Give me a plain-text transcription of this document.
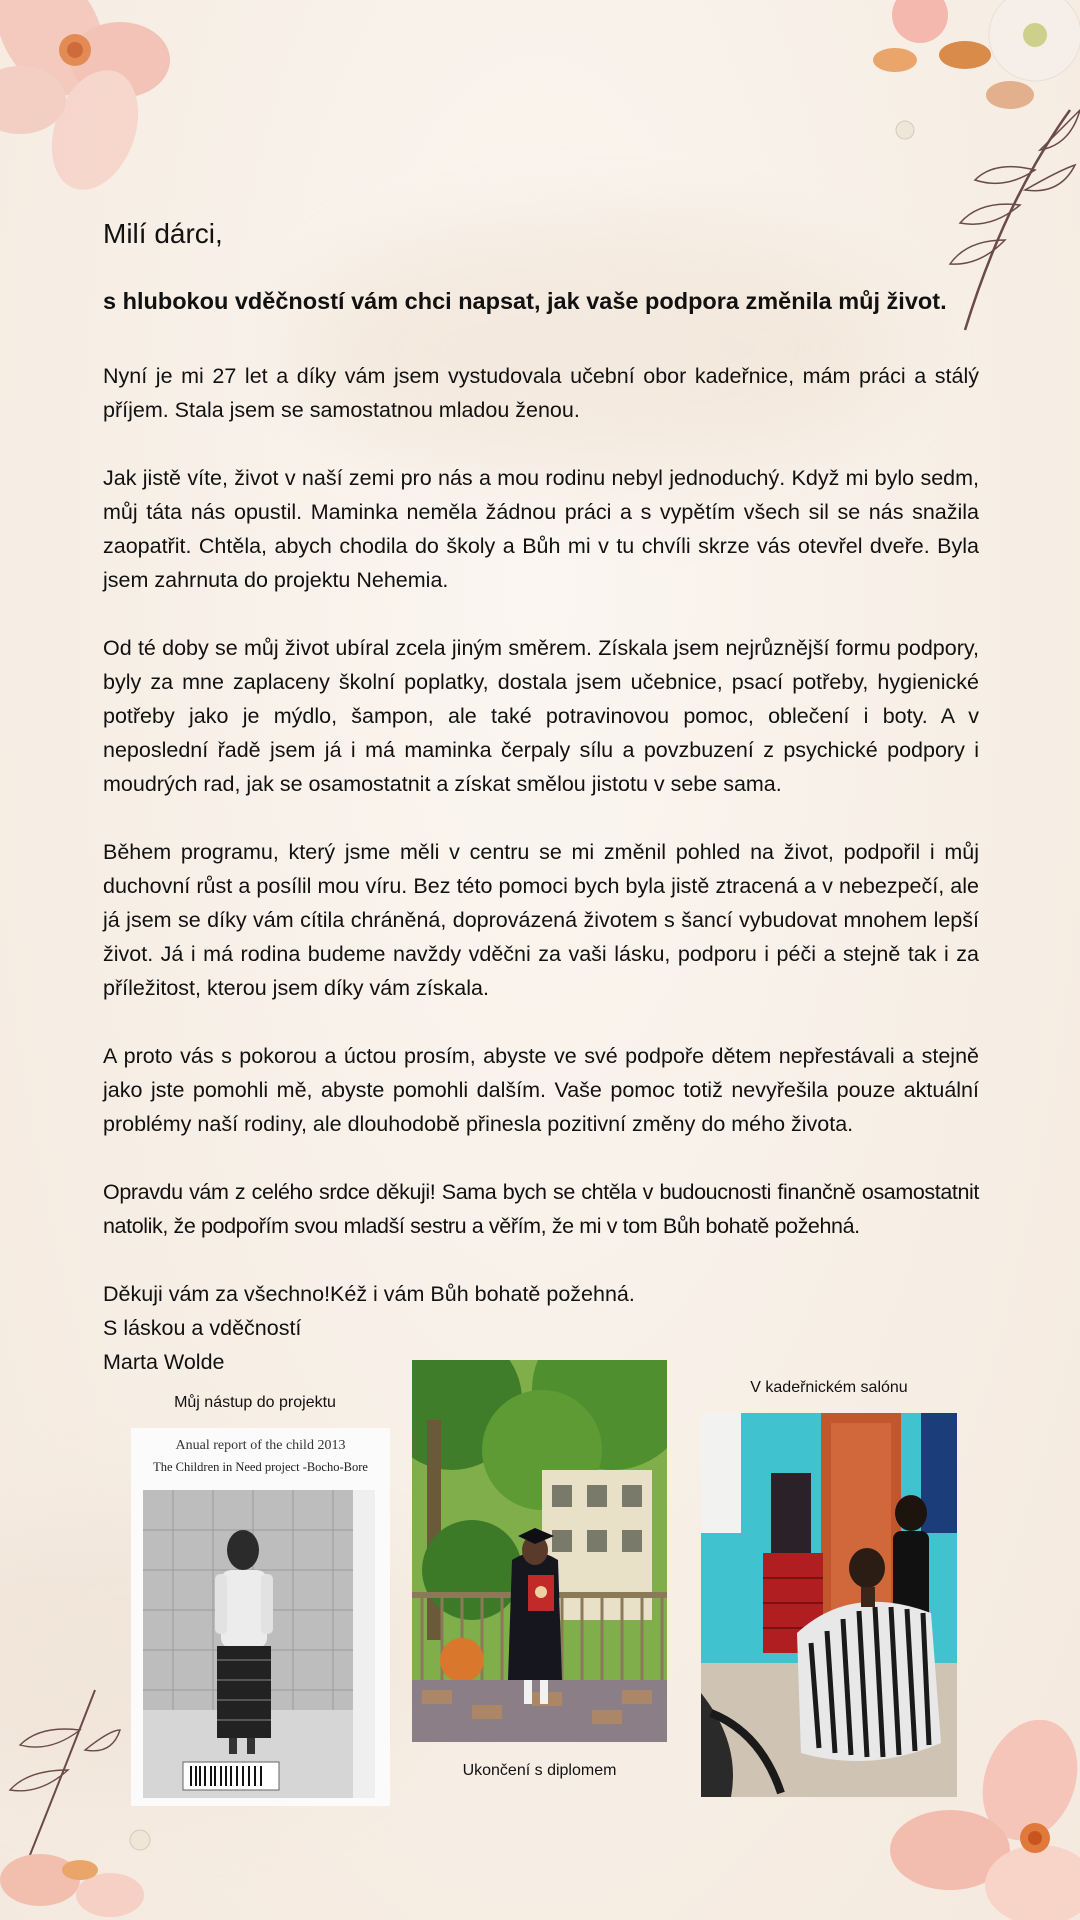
Milí dárci,
s hlubokou vděčností vám chci napsat, jak vaše podpora změnila můj život.
Nyní je mi 27 let a díky vám jsem vystudovala učební obor kadeřnice, mám práci a stálý příjem. Stala jsem se samostatnou mladou ženou.
Jak jistě víte, život v naší zemi pro nás a mou rodinu nebyl jednoduchý. Když mi bylo sedm, můj táta nás opustil. Maminka neměla žádnou práci a s vypětím všech sil se nás snažila zaopatřit. Chtěla, abych chodila do školy a Bůh mi v tu chvíli skrze vás otevřel dveře. Byla jsem zahrnuta do projektu Nehemia.
Od té doby se můj život ubíral zcela jiným směrem. Získala jsem nejrůznější formu podpory, byly za mne zaplaceny školní poplatky, dostala jsem učebnice, psací potřeby, hygienické potřeby jako je mýdlo, šampon, ale také potravinovou pomoc, oblečení i boty. A v neposlední řadě jsem já i má maminka čerpaly sílu a povzbuzení z psychické podpory i moudrých rad, jak se osamostatnit a získat smělou jistotu v sebe sama.
Během programu, který jsme měli v centru se mi změnil pohled na život, podpořil i můj duchovní růst a posílil mou víru. Bez této pomoci bych byla jistě ztracená a v nebezpečí, ale já jsem se díky vám cítila chráněná, doprovázená životem s šancí vybudovat mnohem lepší život. Já i má rodina budeme navždy vděčni za vaši lásku, podporu i péči a stejně tak i za příležitost, kterou jsem díky vám získala.
A proto vás s pokorou a úctou prosím, abyste ve své podpoře dětem nepřestávali a stejně jako jste pomohli mě, abyste pomohli dalším. Vaše pomoc totiž nevyřešila pouze aktuální problémy naší rodiny, ale dlouhodobě přinesla pozitivní změny do mého života.
Opravdu vám z celého srdce děkuji! Sama bych se chtěla v budoucnosti finančně osamostatnit natolik, že podpořím svou mladší sestru a věřím, že mi v tom Bůh bohatě požehná.
Děkuji vám za všechno!Kéž i vám Bůh bohatě požehná.
S láskou a vděčností
Marta Wolde
Můj nástup do projektu
Anual report of the child 2013
The Children in Need project -Bocho-Bore
Ukončení s diplomem
V kadeřnickém salónu
